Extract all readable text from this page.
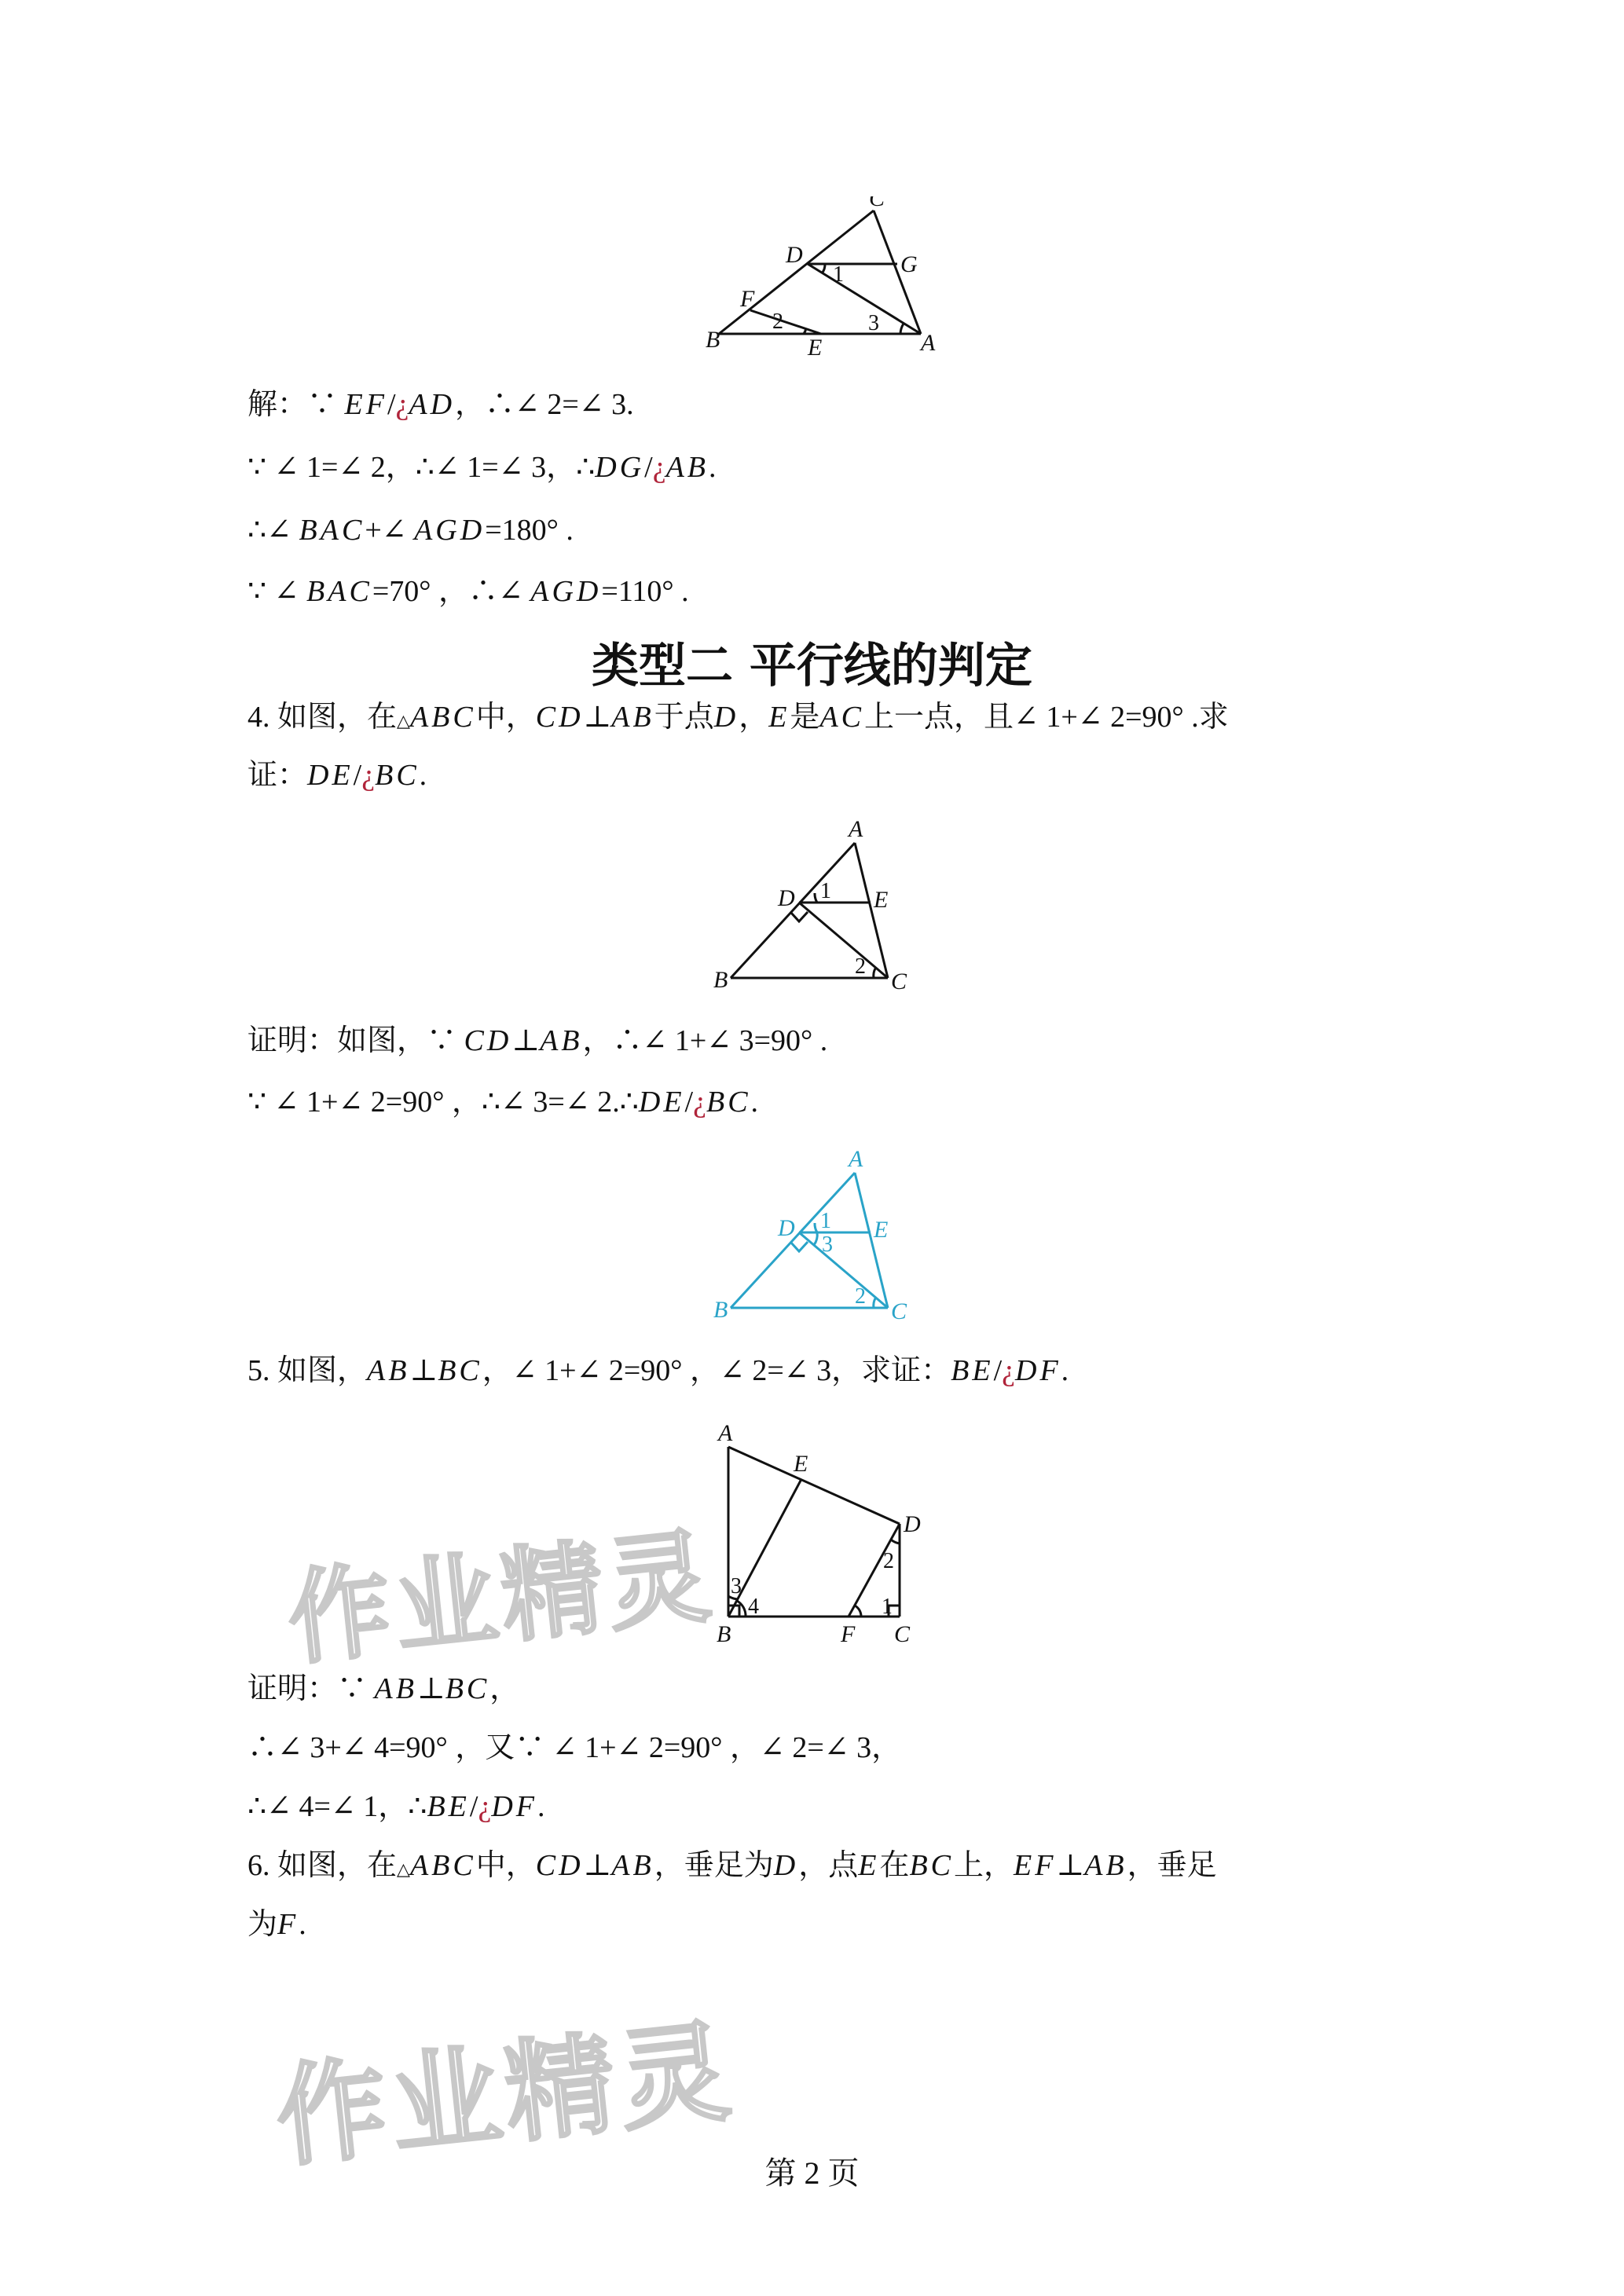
C
D	G
F
B	E	A
1
2	3
解：∵ EF/¿AD，∴∠ 2=∠ 3.
∵ ∠ 1=∠ 2，∴∠ 1=∠ 3，∴DG/¿AB.
∴∠ BAC+∠ AGD=180° .
∵ ∠ BAC=70° ，∴∠ AGD=110° .
类型二 平行线的判定
4. 如图，在△ABC中，CD⊥AB于点D，E是AC上一点，且∠ 1+∠ 2=90° .求
证：DE/¿BC.
A
D	E
B	C
1
2
证明：如图，∵ CD⊥AB，∴∠ 1+∠ 3=90° .
∵ ∠ 1+∠ 2=90° ，∴∠ 3=∠ 2.∴DE/¿BC.
A
D	E
B	C
1
3
2
5. 如图，AB⊥BC，∠ 1+∠ 2=90° ，∠ 2=∠ 3，求证：BE/¿DF.
作业精灵
A
E
D
B	F C
1
2
3
4
证明：∵ AB⊥BC，
∴∠ 3+∠ 4=90° ，又∵ ∠ 1+∠ 2=90° ，∠ 2=∠ 3，
∴∠ 4=∠ 1，∴BE/¿DF.
6. 如图，在△ABC中，CD⊥AB，垂足为D，点E在BC上，EF⊥AB，垂足
为F.
作业精灵 第 2 页
